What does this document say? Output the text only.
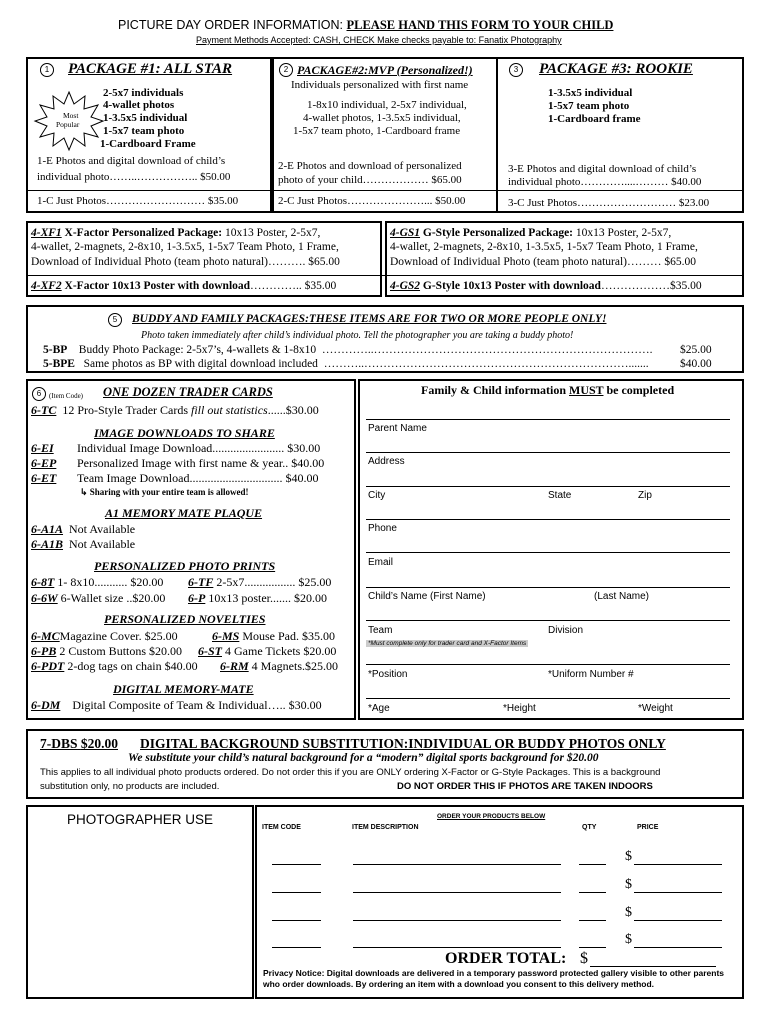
PICTURE DAY ORDER INFORMATION: PLEASE HAND THIS FORM TO YOUR CHILD
Payment Methods Accepted: CASH, CHECK Make checks payable to: Fanatix Photography
1	PACKAGE #1: ALL STAR
Most
Popular
2-5x7 individuals
4-wallet photos
1-3.5x5 individual
1-5x7 team photo
1-Cardboard Frame
1-E Photos and digital download of child’s
individual photo……..…………….. $50.00
1-C Just Photos……………………… $35.00
2 PACKAGE#2:MVP (Personalized!)
Individuals personalized with first name
1-8x10 individual, 2-5x7 individual,
4-wallet photos, 1-3.5x5 individual,
1-5x7 team photo, 1-Cardboard frame
2-E Photos and download of personalized
photo of your child……………… $65.00
2-C Just Photos…………………... $50.00
3	PACKAGE #3: ROOKIE
1-3.5x5 individual
1-5x7 team photo
1-Cardboard frame
3-E Photos and digital download of child’s
individual photo…………....……… $40.00
3-C Just Photos……………………… $23.00
4-XF1 X-Factor Personalized Package: 10x13 Poster, 2-5x7,
4-wallet, 2-magnets, 2-8x10, 1-3.5x5, 1-5x7 Team Photo, 1 Frame,
Download of Individual Photo (team photo natural)………. $65.00
4-XF2 X-Factor 10x13 Poster with download………….. $35.00
4-GS1 G-Style Personalized Package: 10x13 Poster, 2-5x7,
4-wallet, 2-magnets, 2-8x10, 1-3.5x5, 1-5x7 Team Photo, 1 Frame,
Download of Individual Photo (team photo natural)……… $65.00
4-GS2 G-Style 10x13 Poster with download………………$35.00
5	BUDDY AND FAMILY PACKAGES:THESE ITEMS ARE FOR TWO OR MORE PEOPLE ONLY!
Photo taken immediately after child’s individual photo. Tell the photographer you are taking a buddy photo!
5-BP Buddy Photo Package: 2-5x7’s, 4-wallets & 1-8x10 …………..………………………………………………………………. $25.00
5-BPE Same photos as BP with digital download included ………..…………………………………………………………….......	$40.00
6	(Item Code) ONE DOZEN TRADER CARDS
6-TC 12 Pro-Style Trader Cards fill out statistics......$30.00
IMAGE DOWNLOADS TO SHARE
6-EI Individual Image Download........................ $30.00
6-EP Personalized Image with first name & year.. $40.00
6-ET Team Image Download............................... $40.00
↳ Sharing with your entire team is allowed!
A1 MEMORY MATE PLAQUE
6-A1A Not Available
6-A1B Not Available
PERSONALIZED PHOTO PRINTS
6-8T 1- 8x10........... $20.00 6-TF 2-5x7................. $25.00
6-6W 6-Wallet size ..$20.00 6-P 10x13 poster....... $20.00
PERSONALIZED NOVELTIES
6-MCMagazine Cover. $25.00	6-MS Mouse Pad. $35.00
6-PB 2 Custom Buttons $20.00 6-ST 4 Game Tickets $20.00
6-PDT 2-dog tags on chain $40.00 6-RM 4 Magnets.$25.00
DIGITAL MEMORY-MATE
6-DM Digital Composite of Team & Individual….. $30.00
Family & Child information MUST be completed
Parent Name
Address
City	State	Zip
Phone
Email
Child’s Name (First Name)	(Last Name)
Team	Division
*Must complete only for trader card and X-Factor Items
*Position	*Uniform Number #
*Age	*Height	*Weight
7-DBS $20.00 DIGITAL BACKGROUND SUBSTITUTION:INDIVIDUAL OR BUDDY PHOTOS ONLY
We substitute your child’s natural background for a “modern” digital sports background for $20.00
This applies to all individual photo products ordered. Do not order this if you are ONLY ordering X-Factor or G-Style Packages. This is a background
substitution only, no products are included.	DO NOT ORDER THIS IF PHOTOS ARE TAKEN INDOORS
PHOTOGRAPHER USE	ORDER YOUR PRODUCTS BELOW
ITEM CODE	ITEM DESCRIPTION	QTY	PRICE
$
$
$
$
ORDER TOTAL: $
Privacy Notice: Digital downloads are delivered in a temporary password protected gallery visible to other parents who order downloads. By ordering an item with a download you consent to this delivery method.
